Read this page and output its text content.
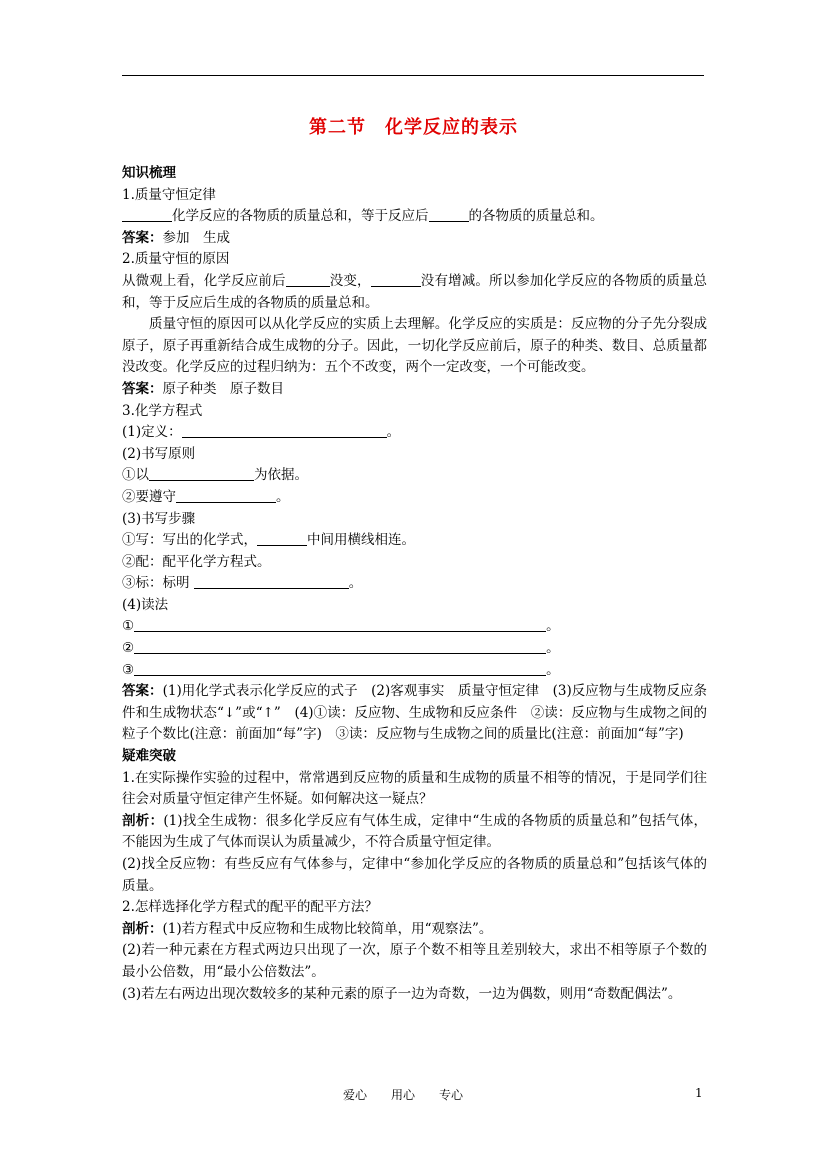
第二节　化学反应的表示
知识梳理
1.质量守恒定律
化学反应的各物质的质量总和，等于反应后	的各物质的质量总和。
答案：参加　生成
2.质量守恒的原因
从微观上看，化学反应前后	没变，	没有增减。所以参加化学反应的各物质的质量总和，等于反应后生成的各物质的质量总和。
质量守恒的原因可以从化学反应的实质上去理解。化学反应的实质是：反应物的分子先分裂成原子，原子再重新结合成生成物的分子。因此，一切化学反应前后，原子的种类、数目、总质量都没改变。化学反应的过程归纳为：五个不改变，两个一定改变，一个可能改变。
答案：原子种类　原子数目
3.化学方程式
(1)定义：	。
(2)书写原则
①以	为依据。
②要遵守	。
(3)书写步骤
①写：写出的化学式，	中间用横线相连。
②配：配平化学方程式。
③标：标明	。
(4)读法
①	。
②	。
③	。
答案：(1)用化学式表示化学反应的式子　(2)客观事实　质量守恒定律　(3)反应物与生成物反应条件和生成物状态“↓”或“↑”　(4)①读：反应物、生成物和反应条件　②读：反应物与生成物之间的粒子个数比(注意：前面加“每”字)　③读：反应物与生成物之间的质量比(注意：前面加“每”字)
疑难突破
1.在实际操作实验的过程中，常常遇到反应物的质量和生成物的质量不相等的情况，于是同学们往往会对质量守恒定律产生怀疑。如何解决这一疑点？
剖析：(1)找全生成物：很多化学反应有气体生成，定律中“生成的各物质的质量总和”包括气体，不能因为生成了气体而误认为质量减少，不符合质量守恒定律。
(2)找全反应物：有些反应有气体参与，定律中“参加化学反应的各物质的质量总和”包括该气体的质量。
2.怎样选择化学方程式的配平的配平方法？
剖析：(1)若方程式中反应物和生成物比较简单，用“观察法”。
(2)若一种元素在方程式两边只出现了一次，原子个数不相等且差别较大，求出不相等原子个数的最小公倍数，用“最小公倍数法”。
(3)若左右两边出现次数较多的某种元素的原子一边为奇数，一边为偶数，则用“奇数配偶法”。
爱心　　用心　　专心	1
